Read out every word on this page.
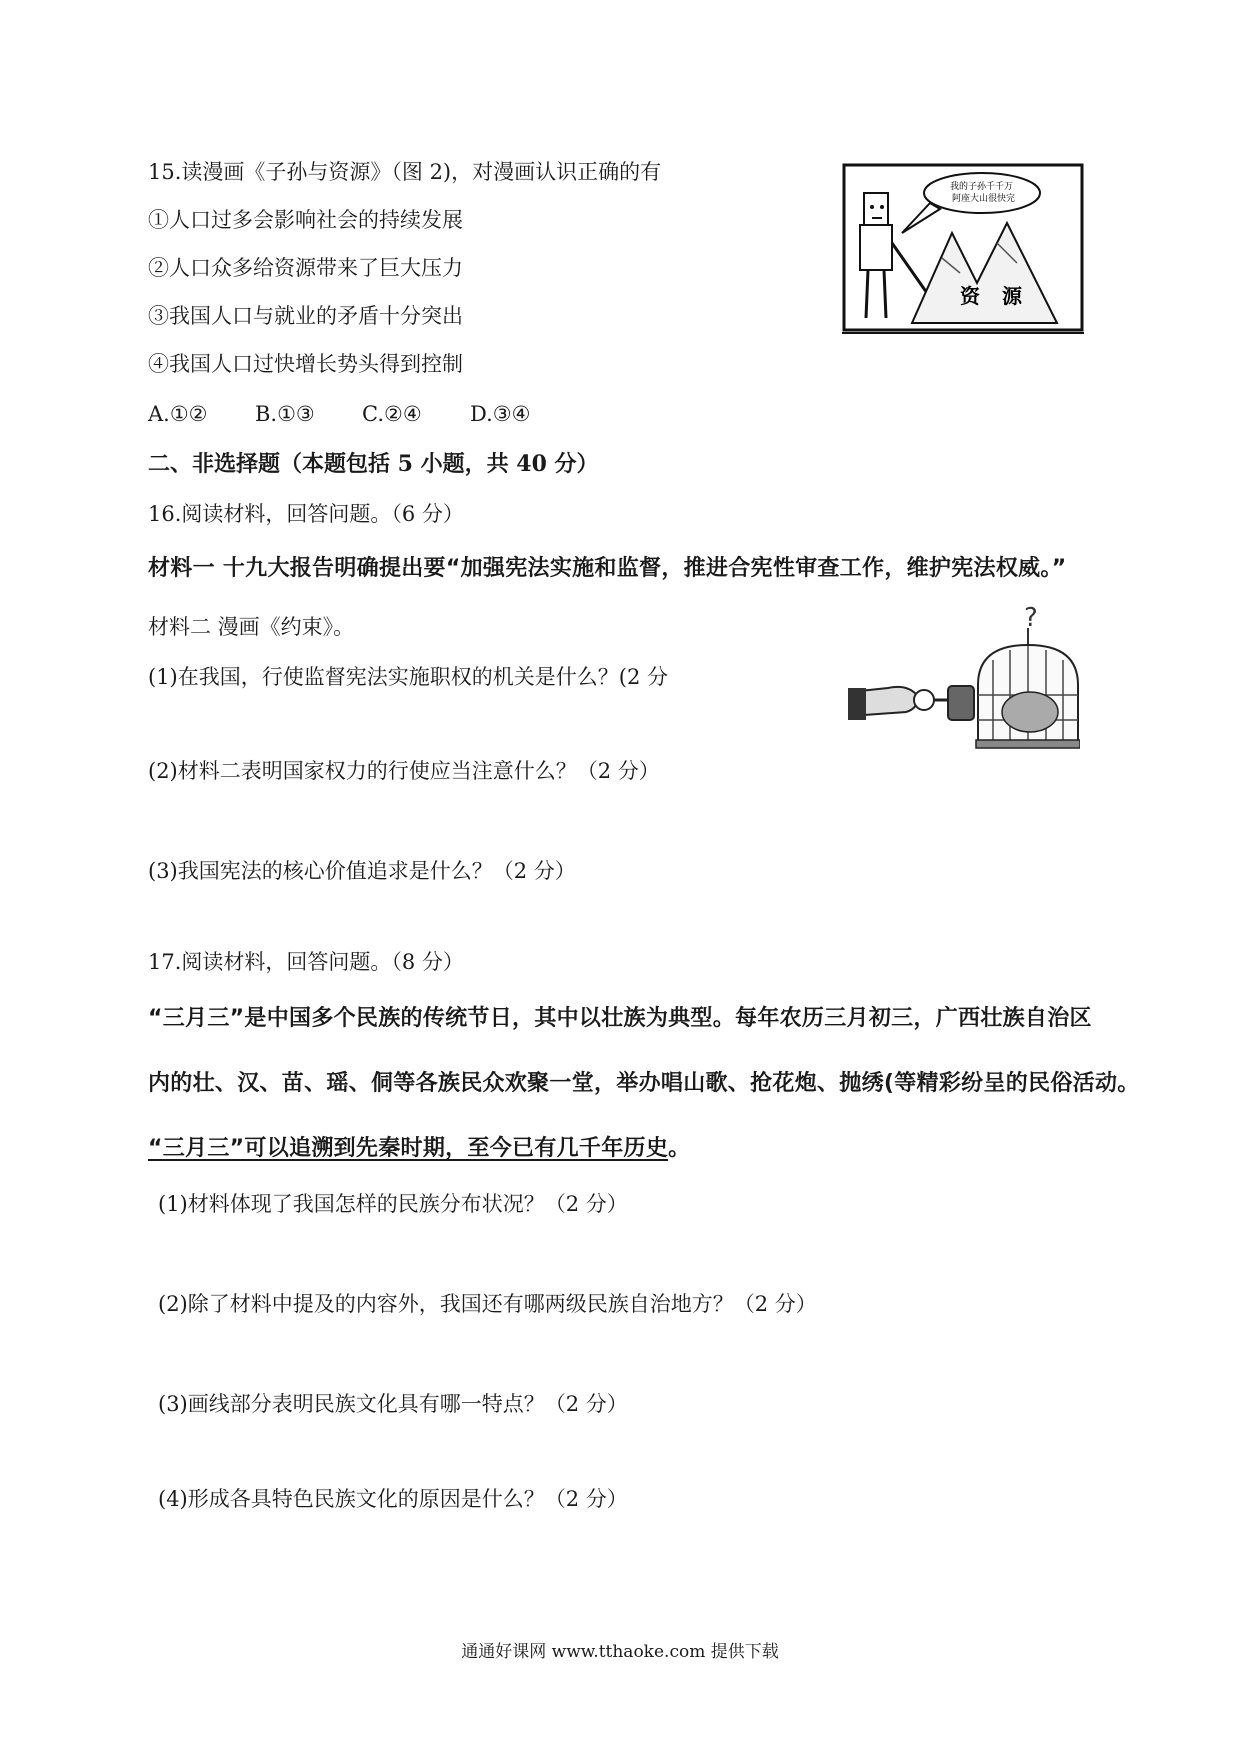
15.读漫画《子孙与资源》（图 2)，对漫画认识正确的有
①人口过多会影响社会的持续发展
②人口众多给资源带来了巨大压力
③我国人口与就业的矛盾十分突出
④我国人口过快增长势头得到控制
A.①② B.①③ C.②④ D.③④
我的子孙千千万
阿座大山很快完
资 源
二、非选择题（本题包括 5 小题，共 40 分）
16.阅读材料，回答问题。（6 分）
材料一 十九大报告明确提出要“加强宪法实施和监督，推进合宪性审查工作，维护宪法权威。”
材料二 漫画《约束》。
(1)在我国，行使监督宪法实施职权的机关是什么？(2 分
?
(2)材料二表明国家权力的行使应当注意什么？（2 分）
(3)我国宪法的核心价值追求是什么？（2 分）
17.阅读材料，回答问题。（8 分）
“三月三”是中国多个民族的传统节日，其中以壮族为典型。每年农历三月初三，广西壮族自治区
内的壮、汉、苗、瑶、侗等各族民众欢聚一堂，举办唱山歌、抢花炮、抛绣(等精彩纷呈的民俗活动。
“三月三”可以追溯到先秦时期，至今已有几千年历史。
(1)材料体现了我国怎样的民族分布状况？（2 分）
(2)除了材料中提及的内容外，我国还有哪两级民族自治地方？（2 分）
(3)画线部分表明民族文化具有哪一特点？（2 分）
(4)形成各具特色民族文化的原因是什么？（2 分）
通通好课网 www.tthaoke.com 提供下载
